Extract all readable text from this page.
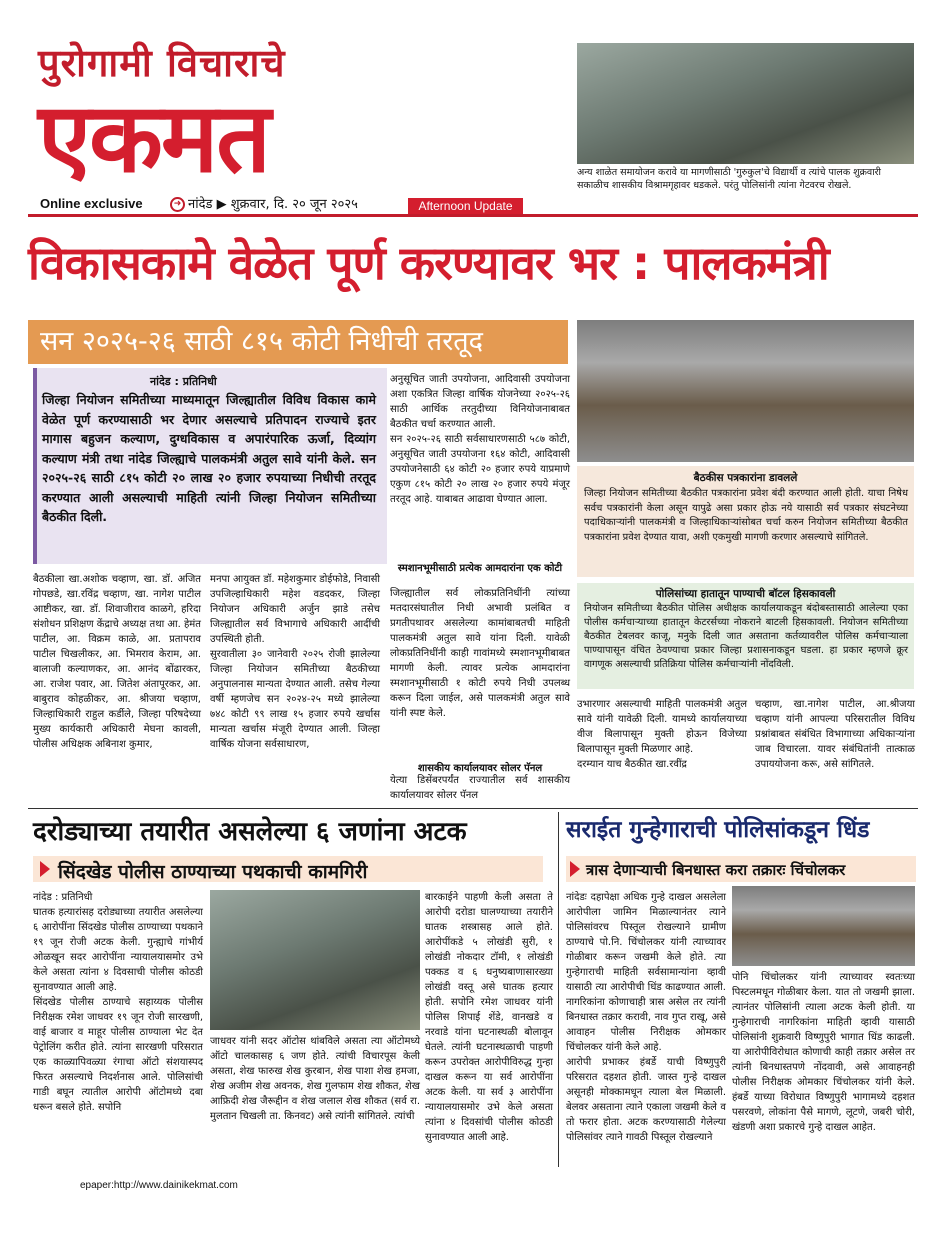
पुरोगामी विचाराचे
एकमत
Online exclusive	➜ नांदेड ▶ शुक्रवार, दि. २० जून २०२५	Afternoon Update
अन्य शाळेत समायोजन करावे या मागणीसाठी 'गुरुकुल'चे विद्यार्थी व त्यांचे पालक शुक्रवारी सकाळीच शासकीय विश्रामगृहावर धडकले. परंतु पोलिसांनी त्यांना गेटवरच रोखले.
विकासकामे वेळेत पूर्ण करण्यावर भर : पालकमंत्री
सन २०२५-२६ साठी ८१५ कोटी निधीची तरतूद
नांदेड : प्रतिनिधी
जिल्हा नियोजन समितीच्या माध्यमातून जिल्ह्यातील विविध विकास कामे वेळेत पूर्ण करण्यासाठी भर देणार असल्याचे प्रतिपादन राज्याचे इतर मागास बहुजन कल्याण, दुग्धविकास व अपारंपारिक ऊर्जा, दिव्यांग कल्याण मंत्री तथा नांदेड जिल्ह्याचे पालकमंत्री अतुल सावे यांनी केले. सन २०२५-२६ साठी ८१५ कोटी २० लाख २० हजार रुपयाच्या निधीची तरतूद करण्यात आली असल्याची माहिती त्यांनी जिल्हा नियोजन समितीच्या बैठकीत दिली.
अनुसूचित जाती उपयोजना, आदिवासी उपयोजना अशा एकत्रित जिल्हा वार्षिक योजनेच्या २०२५-२६ साठी आर्थिक तरतुदीच्या विनियोजनाबाबत बैठकीत चर्चा करण्यात आली.
सन २०२५-२६ साठी सर्वसाधारणसाठी ५८७ कोटी, अनुसूचित जाती उपयोजना १६४ कोटी, आदिवासी उपयोजनेसाठी ६४ कोटी २० हजार रुपये याप्रमाणे एकुण ८१५ कोटी २० लाख २० हजार रुपये मंजूर तरतूद आहे. याबाबत आढावा घेण्यात आला.
स्मशानभूमीसाठी प्रत्येक आमदारांना एक कोटी
जिल्ह्यातील सर्व लोकप्रतिनिधींनी त्यांच्या मतदारसंघातील निधी अभावी प्रलंबित व प्रगतीपथावर असलेल्या कामांबाबतची माहिती पालकमंत्री अतुल सावे यांना दिली. यावेळी लोकप्रतिनिधींनी काही गावांमध्ये स्मशानभूमीबाबत मागणी केली. त्यावर प्रत्येक आमदारांना स्मशानभूमीसाठी १ कोटी रुपये निधी उपलब्ध करून दिला जाईल, असे पालकमंत्री अतुल सावे यांनी स्पष्ट केले.
शासकीय कार्यालयावर सोलर पॅनल
येत्या डिसेंबरपर्यंत राज्यातील सर्व शासकीय कार्यालयावर सोलर पॅनल
बैठकीला खा.अशोक चव्हाण, खा. डॉ. अजित गोपछडे, खा.रविंद्र चव्हाण, खा. नागेश पाटील आष्टीकर, खा. डॉ. शिवाजीराव काळगे, हरिदा संशोधन प्रशिक्षण केंद्राचे अध्यक्ष तथा आ. हेमंत पाटील, आ. विक्रम काळे, आ. प्रतापराव पाटील चिखलीकर, आ. भिमराव केराम, आ. बालाजी कल्याणकर, आ. आनंद बोंढारकर, आ. राजेश पवार, आ. जितेश अंतापूरकर, आ. बाबुराव कोहळीकर, आ. श्रीजया चव्हाण, जिल्हाधिकारी राहुल कर्डीले, जिल्हा परिषदेच्या मुख्य कार्यकारी अधिकारी मेघना कावली, पोलीस अधिक्षक अबिनाश कुमार,
मनपा आयुक्त डॉ. महेशकुमार डोईफोडे, निवासी उपजिल्हाधिकारी महेश वडदकर, जिल्हा नियोजन अधिकारी अर्जुन झाडे तसेच जिल्ह्यातील सर्व विभागाचे अधिकारी आदींची उपस्थिती होती.
सुरवातीला ३० जानेवारी २०२५ रोजी झालेल्या जिल्हा नियोजन समितीच्या बैठकीच्या अनुपालनास मान्यता देण्यात आली. तसेच गेल्या वर्षी म्हणजेच सन २०२४-२५ मध्ये झालेल्या ७४८ कोटी ९९ लाख १५ हजार रुपये खर्चास मान्यता खर्चास मंजूरी देण्यात आली. जिल्हा वार्षिक योजना सर्वसाधारण,
बैठकीस पत्रकारांना डावलले
जिल्हा नियोजन समितीच्या बैठकीत पत्रकारांना प्रवेश बंदी करण्यात आली होती. याचा निषेध सर्वच पत्रकारांनी केला असून यापुढे असा प्रकार होऊ नये यासाठी सर्व पत्रकार संघटनेच्या पदाधिकाऱ्यांनी पालकमंत्री व जिल्हाधिकाऱ्यांसोबत चर्चा करुन नियोजन समितीच्या बैठकीत पत्रकारांना प्रवेश देण्यात यावा, अशी एकमुखी मागणी करणार असल्याचे सांगितले.
पोलिसांच्या हातातून पाण्याची बॉटल हिसकावली
नियोजन समितीच्या बैठकीत पोलिस अधीक्षक कार्यालयाकडून बंदोबस्तासाठी आलेल्या एका पोलीस कर्मचाऱ्याच्या हातातून केटरर्सच्या नोकराने बाटली हिसकावली. नियोजन समितीच्या बैठकीत टेबलवर काजू, मनुके दिली जात असताना कर्तव्यावरील पोलिस कर्मचाऱ्याला पाण्यापासून वंचित ठेवण्याचा प्रकार जिल्हा प्रशासनाकडून घडला. हा प्रकार म्हणजे क्रूर वागणूक असल्याची प्रतिक्रिया पोलिस कर्मचाऱ्यांनी नोंदविली.
उभारणार असल्याची माहिती पालकमंत्री अतुल सावे यांनी यावेळी दिली. यामध्ये कार्यालयाच्या वीज बिलापासून मुक्ती होऊन विजेच्या बिलापासून मुक्ती मिळणार आहे.
दरम्यान याच बैठकीत खा.रवींद्र
चव्हाण, खा.नागेश पाटील, आ.श्रीजया चव्हाण यांनी आपल्या परिसरातील विविध प्रश्नांबाबत संबंधित विभागाच्या अधिकाऱ्यांना जाब विचारला. यावर संबंधितांनी तात्काळ उपाययोजना करू, असे सांगितले.
दरोड्याच्या तयारीत असलेल्या ६ जणांना अटक
सिंदखेड पोलीस ठाण्याच्या पथकाची कामगिरी
नांदेड : प्रतिनिधी
घातक हत्यारांसह दरोड्याच्या तयारीत असलेल्या ६ आरोपींना सिंदखेड पोलीस ठाण्याच्या पथकाने १९ जून रोजी अटक केली. गुन्ह्याचे गांभीर्य ओळखून सदर आरोपींना न्यायालयासमोर उभे केले असता त्यांना ४ दिवसाची पोलीस कोठडी सुनावण्यात आली आहे.
सिंदखेड पोलीस ठाण्याचे सहाय्यक पोलीस निरीक्षक रमेश जाधवर १९ जून रोजी सारखणी, वाई बाजार व माहूर पोलीस ठाण्याला भेट देत पेट्रोलिंग करीत होते. त्यांना सारखणी परिसरात एक काळ्यापिवळ्या रंगाचा ऑटो संशयास्पद फिरत असल्याचे निदर्शनास आले. पोलिसांची गाडी बघून त्यातील आरोपी ऑटोमध्ये दबा धरून बसले होते. सपोनि
जाधवर यांनी सदर ऑटोस थांबविले असता त्या ऑटोमध्ये ऑटो चालकासह ६ जण होते. त्यांची विचारपूस केली असता, शेख फारुख शेख कुरबान, शेख पाशा शेख हमजा, शेख अजीम शेख अवनक, शेख गुलफाम शेख शौकत, शेख आफ्रिदी शेख जैरूद्दीन व शेख जलाल शेख शौकत (सर्व रा. मुलतान चिखली ता. किनवट) असे त्यांनी सांगितले. त्यांची
बारकाईने पाहणी केली असता ते आरोपी दरोडा घालण्याच्या तयारीने घातक शस्त्रासह आले होते. आरोपींकडे ५ लोखंडी सुरी, १ लोखंडी नोकदार टॉमी, १ लोखंडी पक्कड व ६ धनुष्यबाणासारख्या लोखंडी वस्तू असे घातक हत्यार होती. सपोनि रमेश जाधवर यांनी पोलिस शिपाई शेंडे, वानखडे व नरवाडे यांना घटनास्थळी बोलावून घेतले. त्यांनी घटनास्थळाची पाहणी करून उपरोक्त आरोपीविरुद्ध गुन्हा दाखल करून या सर्व आरोपींना अटक केली. या सर्व ३ आरोपींना न्यायालयासमोर उभे केले असता त्यांना ४ दिवसांची पोलीस कोठडी सुनावण्यात आली आहे.
सराईत गुन्हेगाराची पोलिसांकडून धिंड
त्रास देणाऱ्याची बिनधास्त करा तक्रारः चिंचोलकर
नांदेडः दहापेक्षा अधिक गुन्हे दाखल असलेला आरोपीला जामिन मिळाल्यानंतर त्याने पोलिसांवरच पिस्तूल रोखल्याने ग्रामीण ठाण्याचे पो.नि. चिंचोलकर यांनी त्याच्यावर गोळीबार करून जखमी केले होते. त्या गुन्हेगाराची माहिती सर्वसामान्यांना व्हावी यासाठी त्या आरोपीची धिंड काढण्यात आली. नागरिकांना कोणाचाही त्रास असेल तर त्यांनी बिनधास्त तक्रार करावी, नाव गुप्त राखू, असे आवाहन पोलीस निरीक्षक ओमकार चिंचोलकर यांनी केले आहे.
आरोपी प्रभाकर हंबर्डे याची विष्णुपुरी परिसरात दहशत होती. जास्त गुन्हे दाखल असूनही मोक्कामधून त्याला बेल मिळाली. बेलवर असताना त्याने एकाला जखमी केले व तो फरार होता. अटक करण्यासाठी गेलेल्या पोलिसांवर त्याने गावठी पिस्तूल रोखल्याने
पोनि चिंचोलकर यांनी त्याच्यावर स्वतःच्या पिस्टलमधून गोळीबार केला. यात तो जखमी झाला. त्यानंतर पोलिसांनी त्याला अटक केली होती. या गुन्हेगाराची नागरिकांना माहिती व्हावी यासाठी पोलिसांनी शुक्रवारी विष्णुपुरी भागात धिंड काढली. या आरोपीविरोधात कोणाची काही तक्रार असेल तर त्यांनी बिनधास्तपणे नोंदवावी, असे आवाहनही पोलीस निरीक्षक ओमकार चिंचोलकर यांनी केले. हंबर्डे याच्या विरोधात विष्णुपुरी भागामध्ये दहशत पसरवणे, लोकांना पैसे मागणे, लूटणे, जबरी चोरी, खंडणी अशा प्रकारचे गुन्हे दाखल आहेत.
epaper:http://www.dainikekmat.com
